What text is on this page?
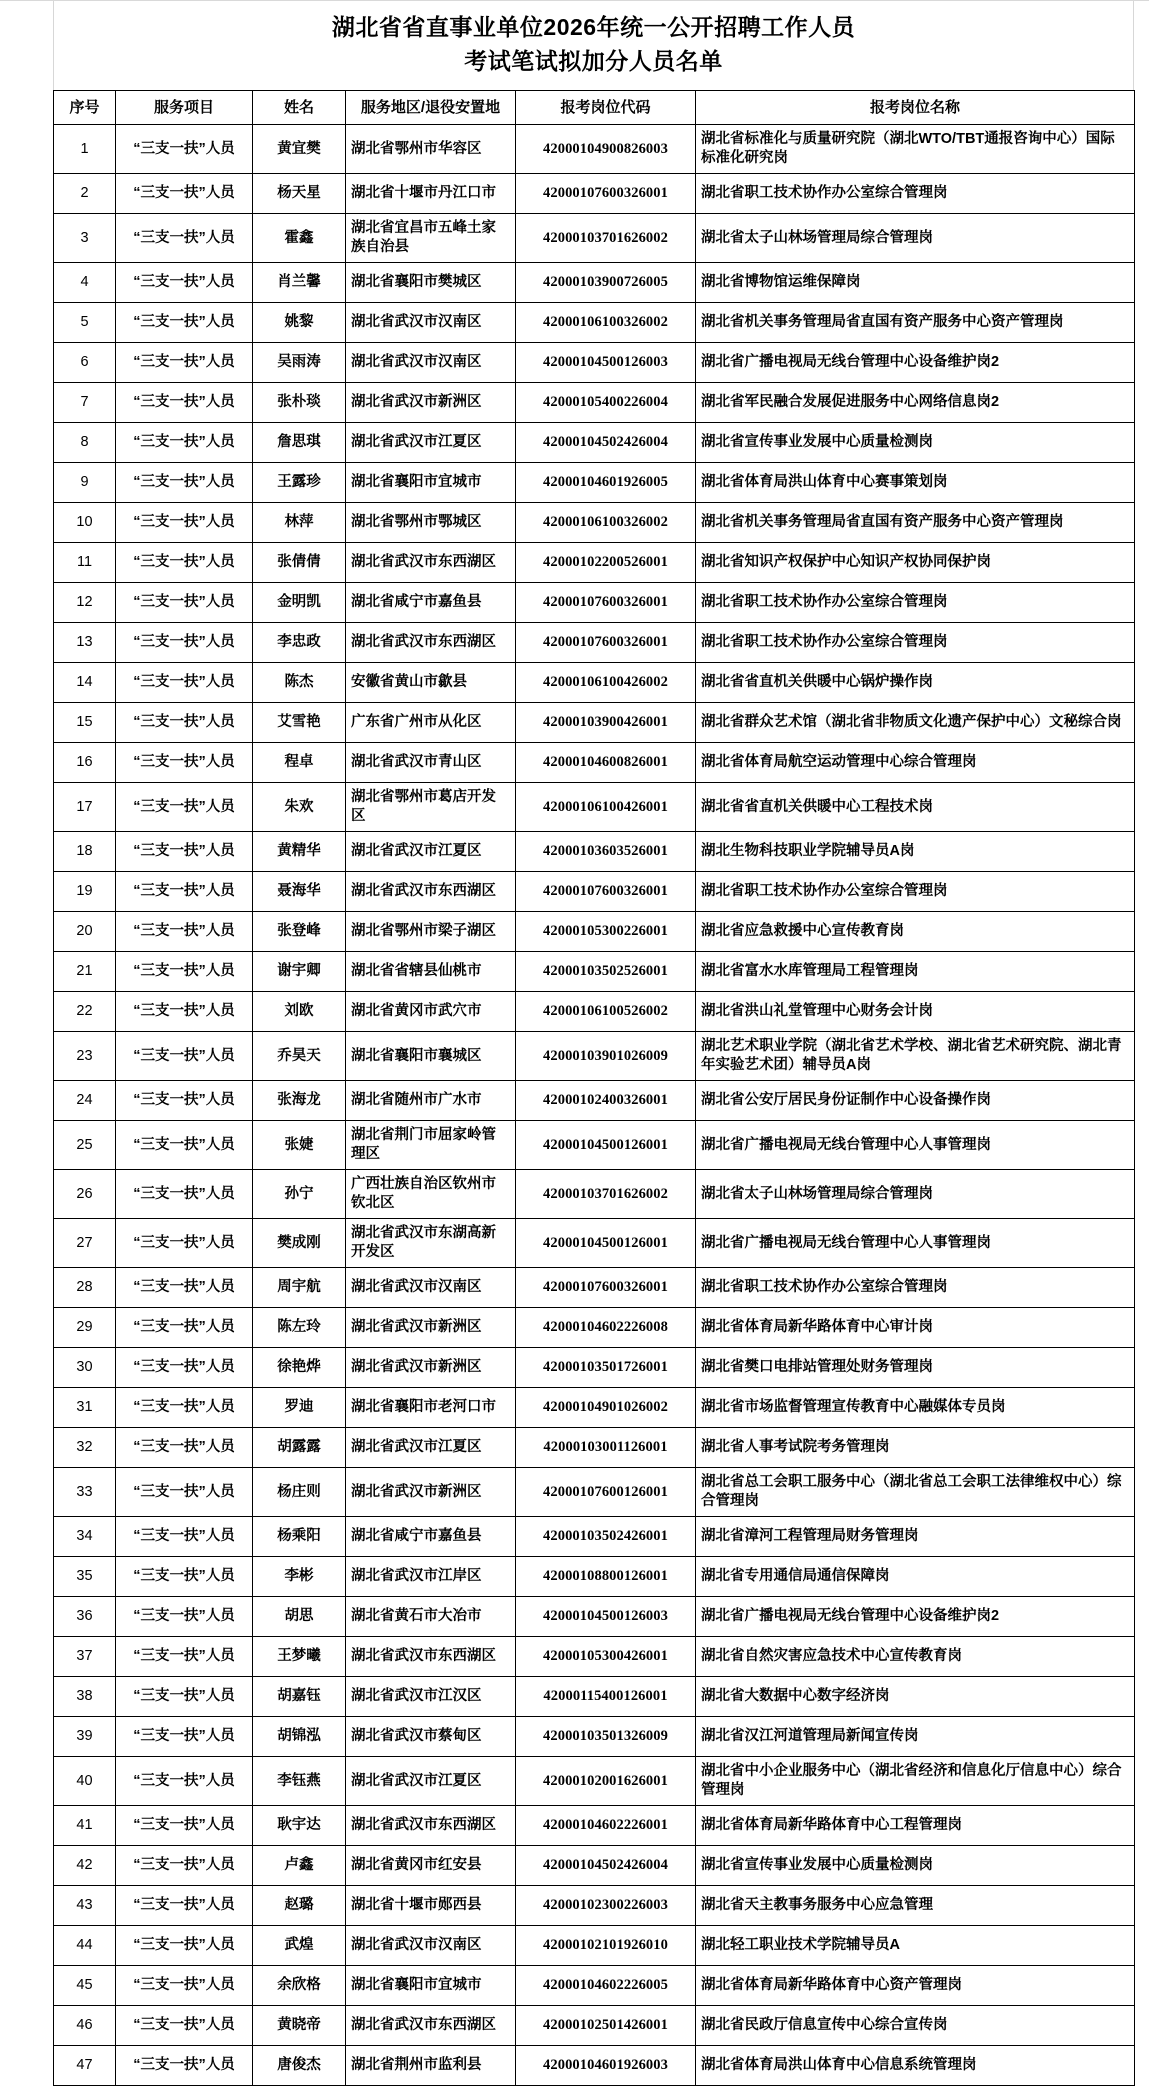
湖北省省直事业单位2026年统一公开招聘工作人员
考试笔试拟加分人员名单
序号	服务项目	姓名	服务地区/退役安置地	报考岗位代码	报考岗位名称
1	“三支一扶”人员	黄宜樊	湖北省鄂州市华容区	42000104900826003	湖北省标准化与质量研究院（湖北WTO/TBT通报咨询中心）国际标准化研究岗
2	“三支一扶”人员	杨天星	湖北省十堰市丹江口市	42000107600326001	湖北省职工技术协作办公室综合管理岗
3	“三支一扶”人员	霍鑫	湖北省宜昌市五峰土家族自治县	42000103701626002	湖北省太子山林场管理局综合管理岗
4	“三支一扶”人员	肖兰馨	湖北省襄阳市樊城区	42000103900726005	湖北省博物馆运维保障岗
5	“三支一扶”人员	姚黎	湖北省武汉市汉南区	42000106100326002	湖北省机关事务管理局省直国有资产服务中心资产管理岗
6	“三支一扶”人员	吴雨涛	湖北省武汉市汉南区	42000104500126003	湖北省广播电视局无线台管理中心设备维护岗2
7	“三支一扶”人员	张朴琰	湖北省武汉市新洲区	42000105400226004	湖北省军民融合发展促进服务中心网络信息岗2
8	“三支一扶”人员	詹思琪	湖北省武汉市江夏区	42000104502426004	湖北省宣传事业发展中心质量检测岗
9	“三支一扶”人员	王露珍	湖北省襄阳市宜城市	42000104601926005	湖北省体育局洪山体育中心赛事策划岗
10	“三支一扶”人员	林萍	湖北省鄂州市鄂城区	42000106100326002	湖北省机关事务管理局省直国有资产服务中心资产管理岗
11	“三支一扶”人员	张倩倩	湖北省武汉市东西湖区	42000102200526001	湖北省知识产权保护中心知识产权协同保护岗
12	“三支一扶”人员	金明凯	湖北省咸宁市嘉鱼县	42000107600326001	湖北省职工技术协作办公室综合管理岗
13	“三支一扶”人员	李忠政	湖北省武汉市东西湖区	42000107600326001	湖北省职工技术协作办公室综合管理岗
14	“三支一扶”人员	陈杰	安徽省黄山市歙县	42000106100426002	湖北省省直机关供暖中心锅炉操作岗
15	“三支一扶”人员	艾雪艳	广东省广州市从化区	42000103900426001	湖北省群众艺术馆（湖北省非物质文化遗产保护中心）文秘综合岗
16	“三支一扶”人员	程卓	湖北省武汉市青山区	42000104600826001	湖北省体育局航空运动管理中心综合管理岗
17	“三支一扶”人员	朱欢	湖北省鄂州市葛店开发区	42000106100426001	湖北省省直机关供暖中心工程技术岗
18	“三支一扶”人员	黄精华	湖北省武汉市江夏区	42000103603526001	湖北生物科技职业学院辅导员A岗
19	“三支一扶”人员	聂海华	湖北省武汉市东西湖区	42000107600326001	湖北省职工技术协作办公室综合管理岗
20	“三支一扶”人员	张登峰	湖北省鄂州市梁子湖区	42000105300226001	湖北省应急救援中心宣传教育岗
21	“三支一扶”人员	谢宇卿	湖北省省辖县仙桃市	42000103502526001	湖北省富水水库管理局工程管理岗
22	“三支一扶”人员	刘欧	湖北省黄冈市武穴市	42000106100526002	湖北省洪山礼堂管理中心财务会计岗
23	“三支一扶”人员	乔昊天	湖北省襄阳市襄城区	42000103901026009	湖北艺术职业学院（湖北省艺术学校、湖北省艺术研究院、湖北青年实验艺术团）辅导员A岗
24	“三支一扶”人员	张海龙	湖北省随州市广水市	42000102400326001	湖北省公安厅居民身份证制作中心设备操作岗
25	“三支一扶”人员	张婕	湖北省荆门市屈家岭管理区	42000104500126001	湖北省广播电视局无线台管理中心人事管理岗
26	“三支一扶”人员	孙宁	广西壮族自治区钦州市钦北区	42000103701626002	湖北省太子山林场管理局综合管理岗
27	“三支一扶”人员	樊成刚	湖北省武汉市东湖高新开发区	42000104500126001	湖北省广播电视局无线台管理中心人事管理岗
28	“三支一扶”人员	周宇航	湖北省武汉市汉南区	42000107600326001	湖北省职工技术协作办公室综合管理岗
29	“三支一扶”人员	陈左玲	湖北省武汉市新洲区	42000104602226008	湖北省体育局新华路体育中心审计岗
30	“三支一扶”人员	徐艳烨	湖北省武汉市新洲区	42000103501726001	湖北省樊口电排站管理处财务管理岗
31	“三支一扶”人员	罗迪	湖北省襄阳市老河口市	42000104901026002	湖北省市场监督管理宣传教育中心融媒体专员岗
32	“三支一扶”人员	胡露露	湖北省武汉市江夏区	42000103001126001	湖北省人事考试院考务管理岗
33	“三支一扶”人员	杨庄则	湖北省武汉市新洲区	42000107600126001	湖北省总工会职工服务中心（湖北省总工会职工法律维权中心）综合管理岗
34	“三支一扶”人员	杨乘阳	湖北省咸宁市嘉鱼县	42000103502426001	湖北省漳河工程管理局财务管理岗
35	“三支一扶”人员	李彬	湖北省武汉市江岸区	42000108800126001	湖北省专用通信局通信保障岗
36	“三支一扶”人员	胡思	湖北省黄石市大冶市	42000104500126003	湖北省广播电视局无线台管理中心设备维护岗2
37	“三支一扶”人员	王梦曦	湖北省武汉市东西湖区	42000105300426001	湖北省自然灾害应急技术中心宣传教育岗
38	“三支一扶”人员	胡嘉钰	湖北省武汉市江汉区	42000115400126001	湖北省大数据中心数字经济岗
39	“三支一扶”人员	胡锦泓	湖北省武汉市蔡甸区	42000103501326009	湖北省汉江河道管理局新闻宣传岗
40	“三支一扶”人员	李钰燕	湖北省武汉市江夏区	42000102001626001	湖北省中小企业服务中心（湖北省经济和信息化厅信息中心）综合管理岗
41	“三支一扶”人员	耿宇达	湖北省武汉市东西湖区	42000104602226001	湖北省体育局新华路体育中心工程管理岗
42	“三支一扶”人员	卢鑫	湖北省黄冈市红安县	42000104502426004	湖北省宣传事业发展中心质量检测岗
43	“三支一扶”人员	赵璐	湖北省十堰市郧西县	42000102300226003	湖北省天主教事务服务中心应急管理
44	“三支一扶”人员	武煌	湖北省武汉市汉南区	42000102101926010	湖北轻工职业技术学院辅导员A
45	“三支一扶”人员	余欣格	湖北省襄阳市宜城市	42000104602226005	湖北省体育局新华路体育中心资产管理岗
46	“三支一扶”人员	黄晓帝	湖北省武汉市东西湖区	42000102501426001	湖北省民政厅信息宣传中心综合宣传岗
47	“三支一扶”人员	唐俊杰	湖北省荆州市监利县	42000104601926003	湖北省体育局洪山体育中心信息系统管理岗
